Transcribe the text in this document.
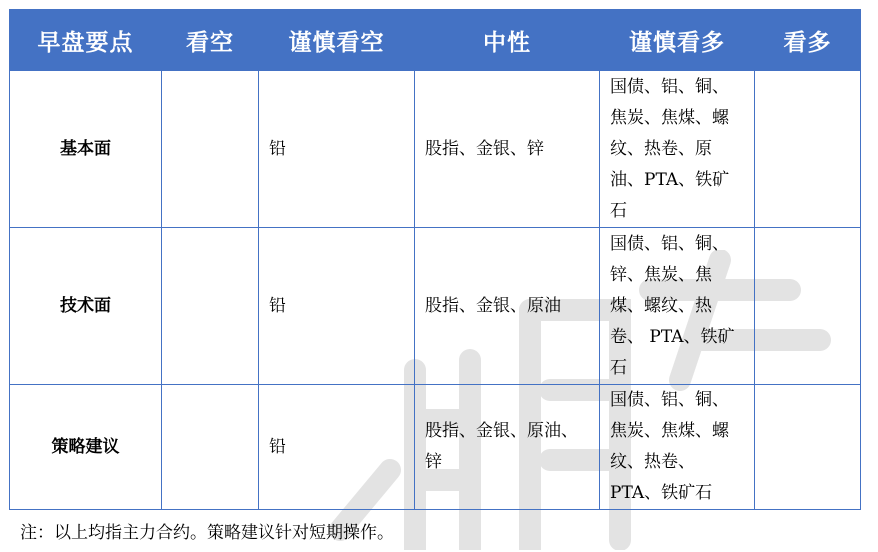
早盘要点	看空	谨慎看空	中性	谨慎看多	看多
基本面		铅	股指、金银、锌	国债、铝、铜、焦炭、焦煤、螺纹、热卷、原油、PTA、铁矿石	
技术面		铅	股指、金银、原油	国债、铝、铜、锌、焦炭、焦煤、螺纹、热卷、 PTA、铁矿石	
策略建议		铅	股指、金银、原油、锌	国债、铝、铜、焦炭、焦煤、螺纹、热卷、PTA、铁矿石	
注：以上均指主力合约。策略建议针对短期操作。
